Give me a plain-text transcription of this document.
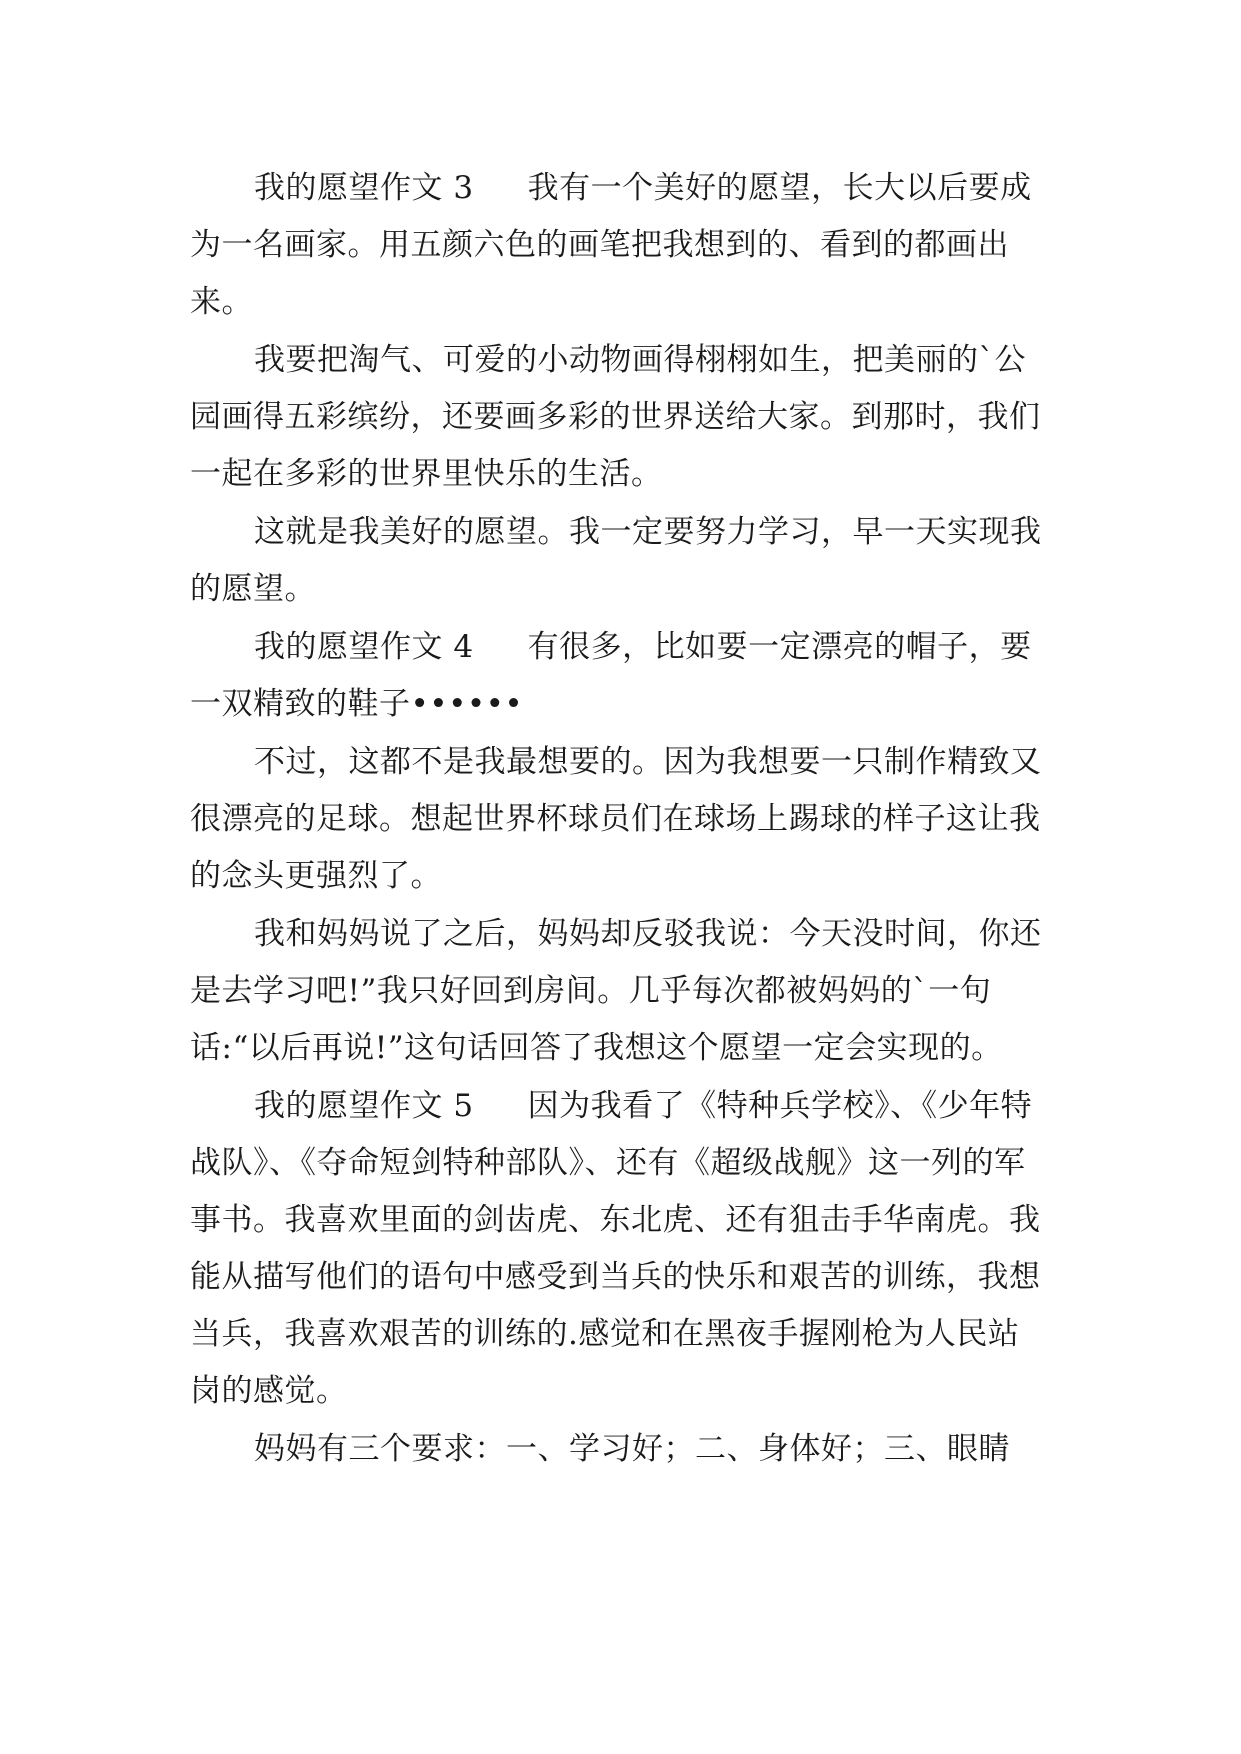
我的愿望作文 3 我有一个美好的愿望，长大以后要成为一名画家。用五颜六色的画笔把我想到的、看到的都画出来。

我要把淘气、可爱的小动物画得栩栩如生，把美丽的`公园画得五彩缤纷，还要画多彩的世界送给大家。到那时，我们一起在多彩的世界里快乐的生活。

这就是我美好的愿望。我一定要努力学习，早一天实现我的愿望。

我的愿望作文 4 有很多，比如要一定漂亮的帽子，要一双精致的鞋子••••••

不过，这都不是我最想要的。因为我想要一只制作精致又很漂亮的足球。想起世界杯球员们在球场上踢球的样子这让我的念头更强烈了。

我和妈妈说了之后，妈妈却反驳我说：今天没时间，你还是去学习吧!”我只好回到房间。几乎每次都被妈妈的`一句话:“以后再说!”这句话回答了我想这个愿望一定会实现的。

我的愿望作文 5 因为我看了《特种兵学校》、《少年特战队》、《夺命短剑特种部队》、还有《超级战舰》这一列的军事书。我喜欢里面的剑齿虎、东北虎、还有狙击手华南虎。我能从描写他们的语句中感受到当兵的快乐和艰苦的训练，我想当兵，我喜欢艰苦的训练的.感觉和在黑夜手握刚枪为人民站岗的感觉。

妈妈有三个要求：一、学习好；二、身体好；三、眼睛
